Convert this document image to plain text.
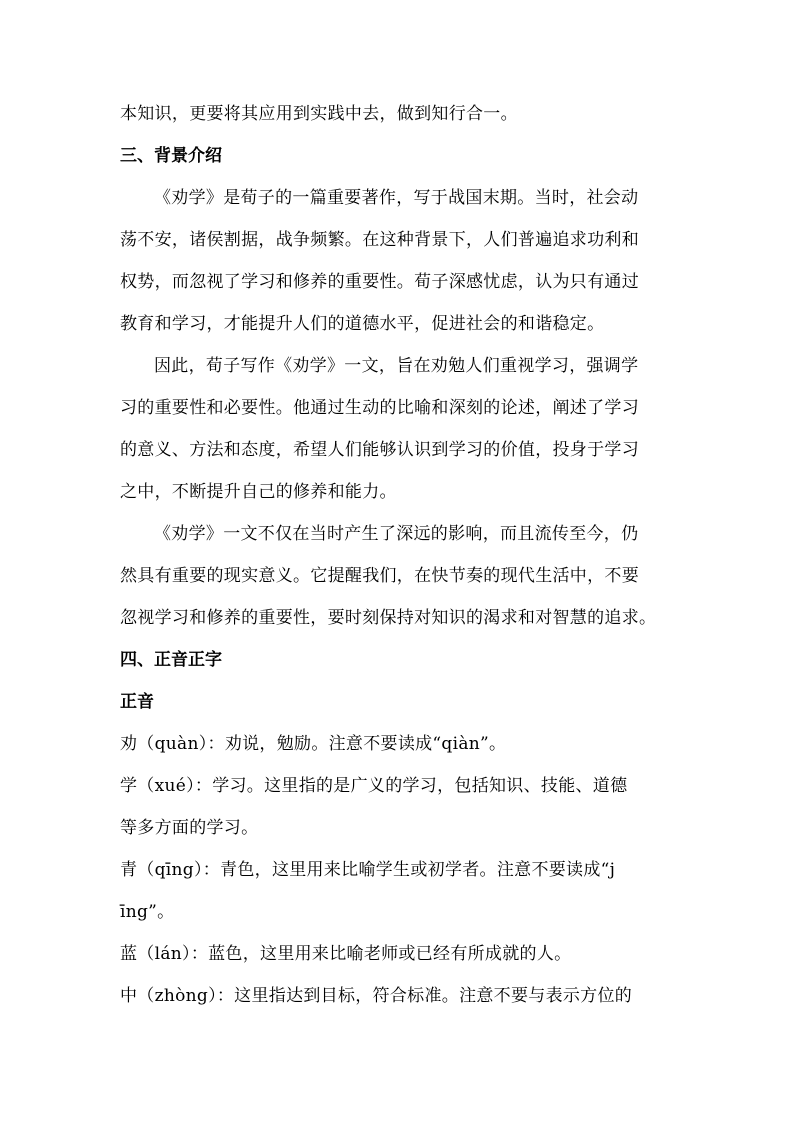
本知识，更要将其应用到实践中去，做到知行合一。
三、背景介绍
《劝学》是荀子的一篇重要著作，写于战国末期。当时，社会动
荡不安，诸侯割据，战争频繁。在这种背景下，人们普遍追求功利和
权势，而忽视了学习和修养的重要性。荀子深感忧虑，认为只有通过
教育和学习，才能提升人们的道德水平，促进社会的和谐稳定。
因此，荀子写作《劝学》一文，旨在劝勉人们重视学习，强调学
习的重要性和必要性。他通过生动的比喻和深刻的论述，阐述了学习
的意义、方法和态度，希望人们能够认识到学习的价值，投身于学习
之中，不断提升自己的修养和能力。
《劝学》一文不仅在当时产生了深远的影响，而且流传至今，仍
然具有重要的现实意义。它提醒我们，在快节奏的现代生活中，不要
忽视学习和修养的重要性，要时刻保持对知识的渴求和对智慧的追求。
四、正音正字
正音
劝（quàn）：劝说，勉励。注意不要读成“qiàn”。
学（xué）：学习。这里指的是广义的学习，包括知识、技能、道德
等多方面的学习。
青（qīng）：青色，这里用来比喻学生或初学者。注意不要读成“j
īng”。
蓝（lán）：蓝色，这里用来比喻老师或已经有所成就的人。
中（zhòng）：这里指达到目标，符合标准。注意不要与表示方位的
